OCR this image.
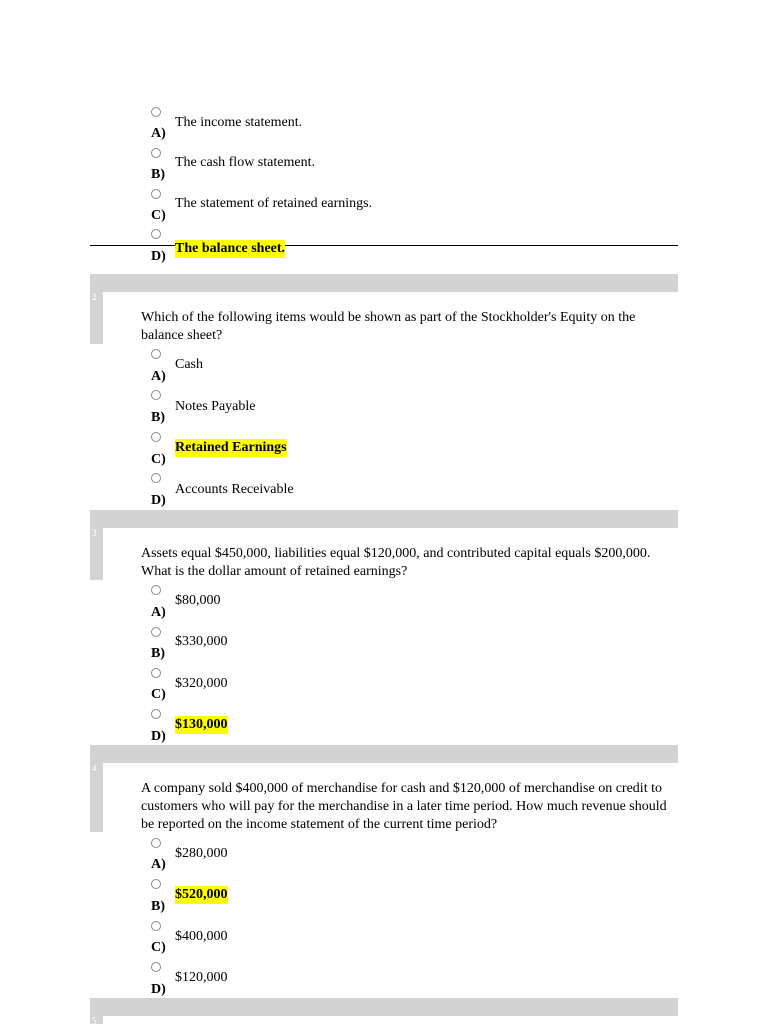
A)
The income statement.
B)
The cash flow statement.
C)
The statement of retained earnings.
D)
The balance sheet.
2
Which of the following items would be shown as part of the Stockholder's Equity on the balance sheet?
A)
Cash
B)
Notes Payable
C)
Retained Earnings
D)
Accounts Receivable
3
Assets equal $450,000, liabilities equal $120,000, and contributed capital equals $200,000. What is the dollar amount of retained earnings?
A)
$80,000
B)
$330,000
C)
$320,000
D)
$130,000
4
A company sold $400,000 of merchandise for cash and $120,000 of merchandise on credit to customers who will pay for the merchandise in a later time period. How much revenue should be reported on the income statement of the current time period?
A)
$280,000
B)
$520,000
C)
$400,000
D)
$120,000
5
